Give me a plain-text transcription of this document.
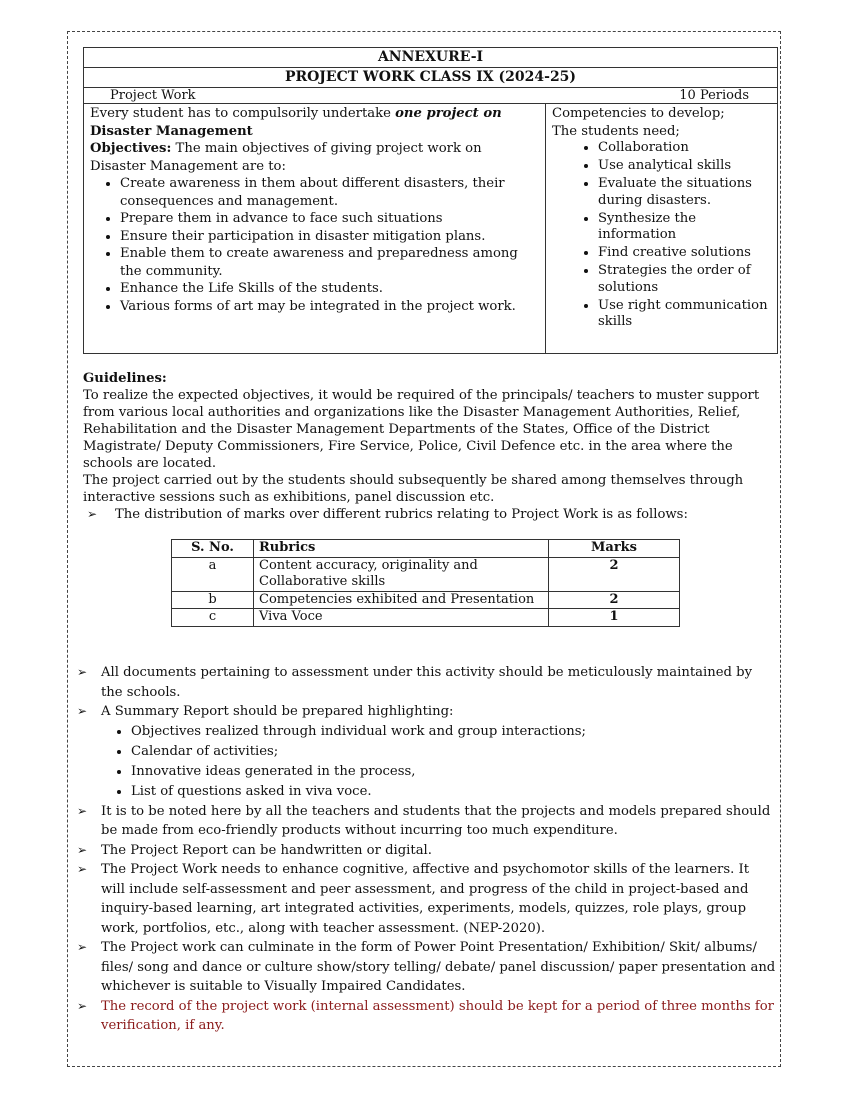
ANNEXURE-I
PROJECT WORK CLASS IX (2024-25)

Project Work	10 Periods

Every student has to compulsorily undertake one project on
Disaster Management
Objectives: The main objectives of giving project work on Disaster Management are to:
• Create awareness in them about different disasters, their consequences and management.
• Prepare them in advance to face such situations
• Ensure their participation in disaster mitigation plans.
• Enable them to create awareness and preparedness among the community.
• Enhance the Life Skills of the students.
• Various forms of art may be integrated in the project work.

Competencies to develop;
The students need;
• Collaboration
• Use analytical skills
• Evaluate the situations during disasters.
• Synthesize the information
• Find creative solutions
• Strategies the order of solutions
• Use right communication skills

Guidelines:

To realize the expected objectives, it would be required of the principals/ teachers to muster support from various local authorities and organizations like the Disaster Management Authorities, Relief, Rehabilitation and the Disaster Management Departments of the States, Office of the District Magistrate/ Deputy Commissioners, Fire Service, Police, Civil Defence etc. in the area where the schools are located.

The project carried out by the students should subsequently be shared among themselves through interactive sessions such as exhibitions, panel discussion etc.

➢	The distribution of marks over different rubrics relating to Project Work is as follows:
S. No.	Rubrics	Marks
a	Content accuracy, originality and Collaborative skills	2
b	Competencies exhibited and Presentation	2
c	Viva Voce	1
➢	All documents pertaining to assessment under this activity should be meticulously maintained by the schools.
➢	A Summary Report should be prepared highlighting:
• Objectives realized through individual work and group interactions;
• Calendar of activities;
• Innovative ideas generated in the process,
• List of questions asked in viva voce.
➢	It is to be noted here by all the teachers and students that the projects and models prepared should be made from eco-friendly products without incurring too much expenditure.
➢	The Project Report can be handwritten or digital.
➢	The Project Work needs to enhance cognitive, affective and psychomotor skills of the learners. It will include self-assessment and peer assessment, and progress of the child in project-based and inquiry-based learning, art integrated activities, experiments, models, quizzes, role plays, group work, portfolios, etc., along with teacher assessment. (NEP-2020).
➢	The Project work can culminate in the form of Power Point Presentation/ Exhibition/ Skit/ albums/ files/ song and dance or culture show/story telling/ debate/ panel discussion/ paper presentation and whichever is suitable to Visually Impaired Candidates.
➢	The record of the project work (internal assessment) should be kept for a period of three months for verification, if any.
